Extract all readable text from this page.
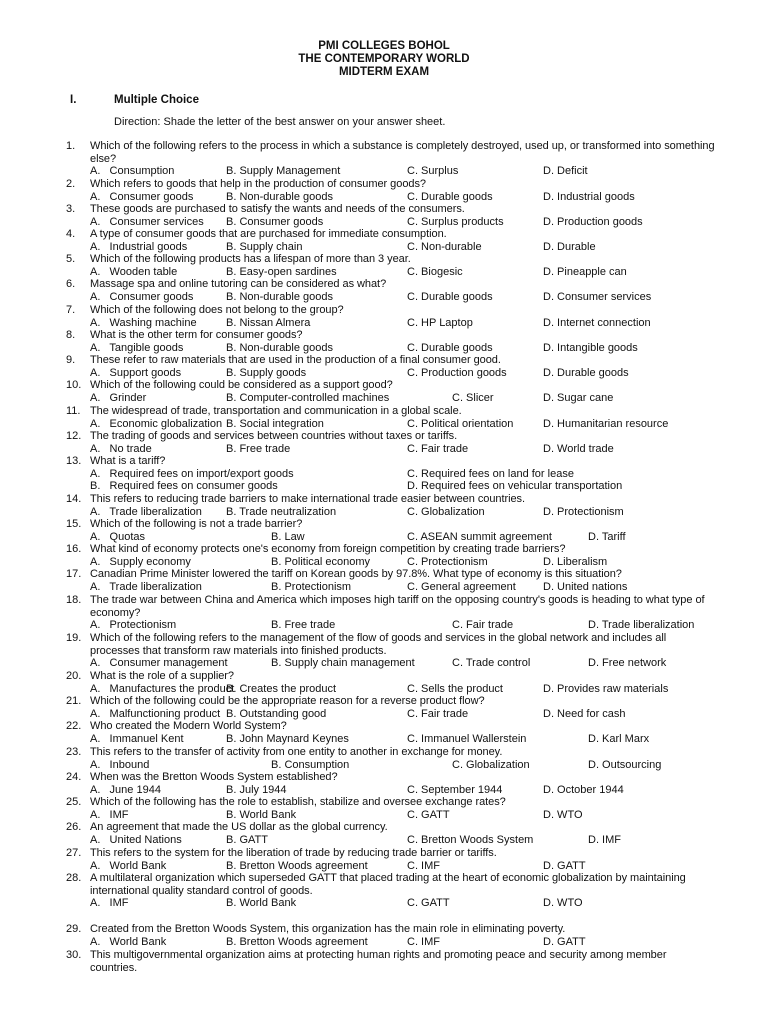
PMI COLLEGES BOHOL
THE CONTEMPORARY WORLD
MIDTERM EXAM
I.	Multiple Choice
Direction: Shade the letter of the best answer on your answer sheet.
1.	Which of the following refers to the process in which a substance is completely destroyed, used up, or transformed into something else?
A.   Consumption	B. Supply Management	C. Surplus	D. Deficit
2.	Which refers to goods that help in the production of consumer goods?
A.   Consumer goods	B. Non-durable goods	C. Durable goods	D. Industrial goods
3.	These goods are purchased to satisfy the wants and needs of the consumers.
A.   Consumer services B. Consumer goods	C. Surplus products	D. Production goods
4.	A type of consumer goods that are purchased for immediate consumption.
A.   Industrial goods	B. Supply chain	C. Non-durable	D. Durable
5.	Which of the following products has a lifespan of more than 3 year.
A.   Wooden table	B. Easy-open sardines	C. Biogesic	D. Pineapple can
6.	Massage spa and online tutoring can be considered as what?
A.   Consumer goods	B. Non-durable goods	C. Durable goods	D. Consumer services
7.	Which of the following does not belong to the group?
A.   Washing machine	B. Nissan Almera	C. HP Laptop	D. Internet connection
8.	What is the other term for consumer goods?
A.   Tangible goods	B. Non-durable goods	C. Durable goods	D. Intangible goods
9.	These refer to raw materials that are used in the production of a final consumer good.
A.   Support goods	B. Supply goods	C. Production goods	D. Durable goods
10. Which of the following could be considered as a support good?
A.   Grinder	B. Computer-controlled machines	C. Slicer	D. Sugar cane
11. The widespread of trade, transportation and communication in a global scale.
A.   Economic globalization B. Social integration	C. Political orientation	D. Humanitarian resource
12. The trading of goods and services between countries without taxes or tariffs.
A.   No trade	B. Free trade	C. Fair trade	D. World trade
13. What is a tariff?
A.   Required fees on import/export goods	C. Required fees on land for lease
B.   Required fees on consumer goods	D. Required fees on vehicular transportation
14. This refers to reducing trade barriers to make international trade easier between countries.
A.   Trade liberalization B. Trade neutralization	C. Globalization	D. Protectionism
15. Which of the following is not a trade barrier?
A.   Quotas	B. Law	C. ASEAN summit agreement	D. Tariff
16. What kind of economy protects one's economy from foreign competition by creating trade barriers?
A.   Supply economy	B. Political economy	C. Protectionism	D. Liberalism
17. Canadian Prime Minister lowered the tariff on Korean goods by 97.8%. What type of economy is this situation?
A.   Trade liberalization	B. Protectionism	C. General agreement D. United nations
18. The trade war between China and America which imposes high tariff on the opposing country's goods is heading to what type of economy?
A.   Protectionism	B. Free trade	C. Fair trade	D. Trade liberalization
19. Which of the following refers to the management of the flow of goods and services in the global network and includes all processes that transform raw materials into finished products.
A.   Consumer management	B. Supply chain management	C. Trade control	D. Free network
20. What is the role of a supplier?
A.   Manufactures the product
B. Creates the product	C. Sells the product	D. Provides raw materials
21. Which of the following could be the appropriate reason for a reverse product flow?
A.   Malfunctioning product B. Outstanding good	C. Fair trade	D. Need for cash
22. Who created the Modern World System?
A.   Immanuel Kent	B. John Maynard Keynes	C. Immanuel Wallerstein	D. Karl Marx
23. This refers to the transfer of activity from one entity to another in exchange for money.
A.   Inbound	B. Consumption	C. Globalization	D. Outsourcing
24. When was the Bretton Woods System established?
A.   June 1944	B. July 1944	C. September 1944	D. October 1944
25. Which of the following has the role to establish, stabilize and oversee exchange rates?
A.   IMF	B. World Bank	C. GATT	D. WTO
26. An agreement that made the US dollar as the global currency.
A.   United Nations	B. GATT	C. Bretton Woods System	D. IMF
27. This refers to the system for the liberation of trade by reducing trade barrier or tariffs.
A.   World Bank	B. Bretton Woods agreement	C. IMF	D. GATT
28. A multilateral organization which superseded GATT that placed trading at the heart of economic globalization by maintaining international quality standard control of goods.
A.   IMF	B. World Bank	C. GATT	D. WTO
29. Created from the Bretton Woods System, this organization has the main role in eliminating poverty.
A.   World Bank	B. Bretton Woods agreement	C. IMF	D. GATT
30. This multigovernmental organization aims at protecting human rights and promoting peace and security among member countries.
